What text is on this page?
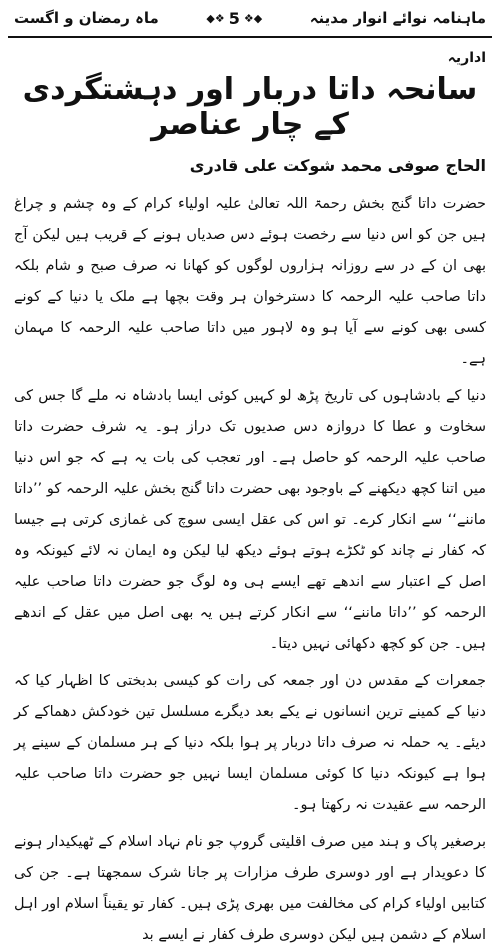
ماہنامہ نوائے انوار مدینہ
◆❖
5
❖◆
ماہ رمضان و اگست
اداریہ
سانحہ داتا دربار اور دہشتگردی کے چار عناصر
الحاج صوفی محمد شوکت علی قادری

حضرت داتا گنج بخش رحمۃ اللہ تعالیٰ علیہ اولیاء کرام کے وہ چشم و چراغ ہیں جن کو اس دنیا سے رخصت ہوئے دس صدیاں ہونے کے قریب ہیں لیکن آج بھی ان کے در سے روزانہ ہزاروں لوگوں کو کھانا نہ صرف صبح و شام بلکہ داتا صاحب علیہ الرحمہ کا دسترخوان ہر وقت بچھا ہے ملک یا دنیا کے کونے کسی بھی کونے سے آیا ہو وہ لاہور میں داتا صاحب علیہ الرحمہ کا مہمان ہے۔

دنیا کے بادشاہوں کی تاریخ پڑھ لو کہیں کوئی ایسا بادشاہ نہ ملے گا جس کی سخاوت و عطا کا دروازہ دس صدیوں تک دراز ہو۔ یہ شرف حضرت داتا صاحب علیہ الرحمہ کو حاصل ہے۔ اور تعجب کی بات یہ ہے کہ جو اس دنیا میں اتنا کچھ دیکھنے کے باوجود بھی حضرت داتا گنج بخش علیہ الرحمہ کو ’’داتا ماننے‘‘ سے انکار کرے۔ تو اس کی عقل ایسی سوچ کی غمازی کرتی ہے جیسا کہ کفار نے چاند کو ٹکڑے ہوتے ہوئے دیکھ لیا لیکن وہ ایمان نہ لائے کیونکہ وہ اصل کے اعتبار سے اندھے تھے ایسے ہی وہ لوگ جو حضرت داتا صاحب علیہ الرحمہ کو ’’داتا ماننے‘‘ سے انکار کرتے ہیں یہ بھی اصل میں عقل کے اندھے ہیں۔ جن کو کچھ دکھائی نہیں دیتا۔

جمعرات کے مقدس دن اور جمعہ کی رات کو کیسی بدبختی کا اظہار کیا کہ دنیا کے کمینے ترین انسانوں نے یکے بعد دیگرے مسلسل تین خودکش دھماکے کر دیئے۔ یہ حملہ نہ صرف داتا دربار پر ہوا بلکہ دنیا کے ہر مسلمان کے سینے پر ہوا ہے کیونکہ دنیا کا کوئی مسلمان ایسا نہیں جو حضرت داتا صاحب علیہ الرحمہ سے عقیدت نہ رکھتا ہو۔

برصغیر پاک و ہند میں صرف اقلیتی گروپ جو نام نہاد اسلام کے ٹھیکیدار ہونے کا دعویدار ہے اور دوسری طرف مزارات پر جانا شرک سمجھتا ہے۔ جن کی کتابیں اولیاء کرام کی مخالفت میں بھری پڑی ہیں۔ کفار تو یقیناً اسلام اور اہل اسلام کے دشمن ہیں لیکن دوسری طرف کفار نے ایسے بد
